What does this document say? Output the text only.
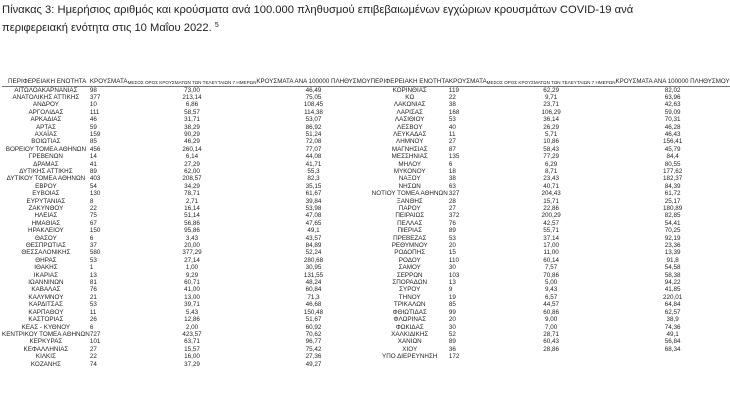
Πίνακας 3: Ημερήσιος αριθμός και κρούσματα ανά 100.000 πληθυσμού επιβεβαιωμένων εγχώριων κρουσμάτων COVID-19 ανά περιφερειακή ενότητα στις 10 Μαΐου 2022. $^5$
ΠΕΡΙΦΕΡΕΙΑΚΗ ΕΝΟΤΗΤΑ	ΚΡΟΥΣΜΑΤΑ	ΜΕΣΟΣ ΟΡΟΣ ΚΡΟΥΣΜΑΤΩΝ ΤΩΝ ΤΕΛΕΥΤΑΙΩΝ 7 ΗΜΕΡΩΝ	ΚΡΟΥΣΜΑΤΑ ΑΝΑ 100000 ΠΛΗΘΥΣΜΟΥ	ΠΕΡΙΦΕΡΕΙΑΚΗ ΕΝΟΤΗΤΑ	ΚΡΟΥΣΜΑΤΑ	ΜΕΣΟΣ ΟΡΟΣ ΚΡΟΥΣΜΑΤΩΝ ΤΩΝ ΤΕΛΕΥΤΑΙΩΝ 7 ΗΜΕΡΩΝ	ΚΡΟΥΣΜΑΤΑ ΑΝΑ 100000 ΠΛΗΘΥΣΜΟΥ
ΑΙΤΩΛΟΑΚΑΡΝΑΝΙΑΣ	98	73,00	46,49	ΚΟΡΙΝΘΙΑΣ	119	62,29	82,02
ΑΝΑΤΟΛΙΚΗΣ ΑΤΤΙΚΗΣ	377	213,14	75,05	ΚΩ	22	9,71	63,96
ΑΝΔΡΟΥ	10	6,86	108,45	ΛΑΚΩΝΙΑΣ	38	23,71	42,63
ΑΡΓΟΛΙΔΑΣ	111	58,57	114,38	ΛΑΡΙΣΑΣ	168	106,29	59,09
ΑΡΚΑΔΙΑΣ	46	31,71	53,07	ΛΑΣΙΘΙΟΥ	53	36,14	70,31
ΑΡΤΑΣ	59	38,29	86,92	ΛΕΣΒΟΥ	40	26,29	46,28
ΑΧΑΪΑΣ	159	90,29	51,24	ΛΕΥΚΑΔΑΣ	11	5,71	46,43
ΒΟΙΩΤΙΑΣ	85	46,29	72,08	ΛΗΜΝΟΥ	27	10,86	156,41
ΒΟΡΕΙΟΥ ΤΟΜΕΑ ΑΘΗΝΩΝ	456	260,14	77,07	ΜΑΓΝΗΣΙΑΣ	87	58,43	45,79
ΓΡΕΒΕΝΩΝ	14	6,14	44,08	ΜΕΣΣΗΝΙΑΣ	135	77,29	84,4
ΔΡΑΜΑΣ	41	27,29	41,71	ΜΗΛΟΥ	6	6,29	80,55
ΔΥΤΙΚΗΣ ΑΤΤΙΚΗΣ	89	62,00	55,3	ΜΥΚΟΝΟΥ	18	8,71	177,62
ΔΥΤΙΚΟΥ ΤΟΜΕΑ ΑΘΗΝΩΝ	403	208,57	82,3	ΝΑΞΟΥ	38	23,43	182,37
ΕΒΡΟΥ	54	34,29	35,15	ΝΗΣΩΝ	63	40,71	84,39
ΕΥΒΟΙΑΣ	130	78,71	61,67	ΝΟΤΙΟΥ ΤΟΜΕΑ ΑΘΗΝΩΝ	327	204,43	61,72
ΕΥΡΥΤΑΝΙΑΣ	8	2,71	39,84	ΞΑΝΘΗΣ	28	15,71	25,17
ΖΑΚΥΝΘΟΥ	22	16,14	53,98	ΠΑΡΟΥ	27	22,86	180,89
ΗΛΕΙΑΣ	75	51,14	47,08	ΠΕΙΡΑΙΩΣ	372	200,29	82,85
ΗΜΑΘΙΑΣ	67	56,86	47,65	ΠΕΛΛΑΣ	76	42,57	54,41
ΗΡΑΚΛΕΙΟΥ	150	95,86	49,1	ΠΙΕΡΙΑΣ	89	55,71	70,25
ΘΑΣΟΥ	6	3,43	43,57	ΠΡΕΒΕΖΑΣ	53	37,14	92,19
ΘΕΣΠΡΩΤΙΑΣ	37	20,00	84,89	ΡΕΘΥΜΝΟΥ	20	17,00	23,36
ΘΕΣΣΑΛΟΝΙΚΗΣ	580	377,29	52,24	ΡΟΔΟΠΗΣ	15	11,00	13,39
ΘΗΡΑΣ	53	27,14	280,68	ΡΟΔΟΥ	110	60,14	91,8
ΙΘΑΚΗΣ	1	1,00	30,95	ΣΑΜΟΥ	30	7,57	54,58
ΙΚΑΡΙΑΣ	13	9,29	131,55	ΣΕΡΡΩΝ	103	70,86	58,38
ΙΩΑΝΝΙΝΩΝ	81	60,71	48,24	ΣΠΟΡΑΔΩΝ	13	5,00	94,22
ΚΑΒΑΛΑΣ	76	41,00	60,84	ΣΥΡΟΥ	9	9,43	41,85
ΚΑΛΥΜΝΟΥ	21	13,00	71,3	ΤΗΝΟΥ	19	6,57	220,01
ΚΑΡΔΙΤΣΑΣ	53	39,71	46,68	ΤΡΙΚΑΛΩΝ	85	44,57	64,84
ΚΑΡΠΑΘΟΥ	11	5,43	150,48	ΦΘΙΩΤΙΔΑΣ	99	60,86	62,57
ΚΑΣΤΟΡΙΑΣ	26	12,86	51,67	ΦΛΩΡΙΝΑΣ	20	9,00	38,9
ΚΕΑΣ - ΚΥΘΝΟΥ	6	2,00	60,92	ΦΩΚΙΔΑΣ	30	7,00	74,36
ΚΕΝΤΡΙΚΟΥ ΤΟΜΕΑ ΑΘΗΝΩΝ	727	423,57	70,62	ΧΑΛΚΙΔΙΚΗΣ	52	28,71	49,1
ΚΕΡΚΥΡΑΣ	101	63,71	96,77	ΧΑΝΙΩΝ	89	60,43	56,84
ΚΕΦΑΛΛΗΝΙΑΣ	27	15,57	75,42	ΧΙΟΥ	36	28,86	68,34
ΚΙΛΚΙΣ	22	16,00	27,36	ΥΠΟ ΔΙΕΡΕΥΝΗΣΗ	172		
ΚΟΖΑΝΗΣ	74	37,29	49,27				
